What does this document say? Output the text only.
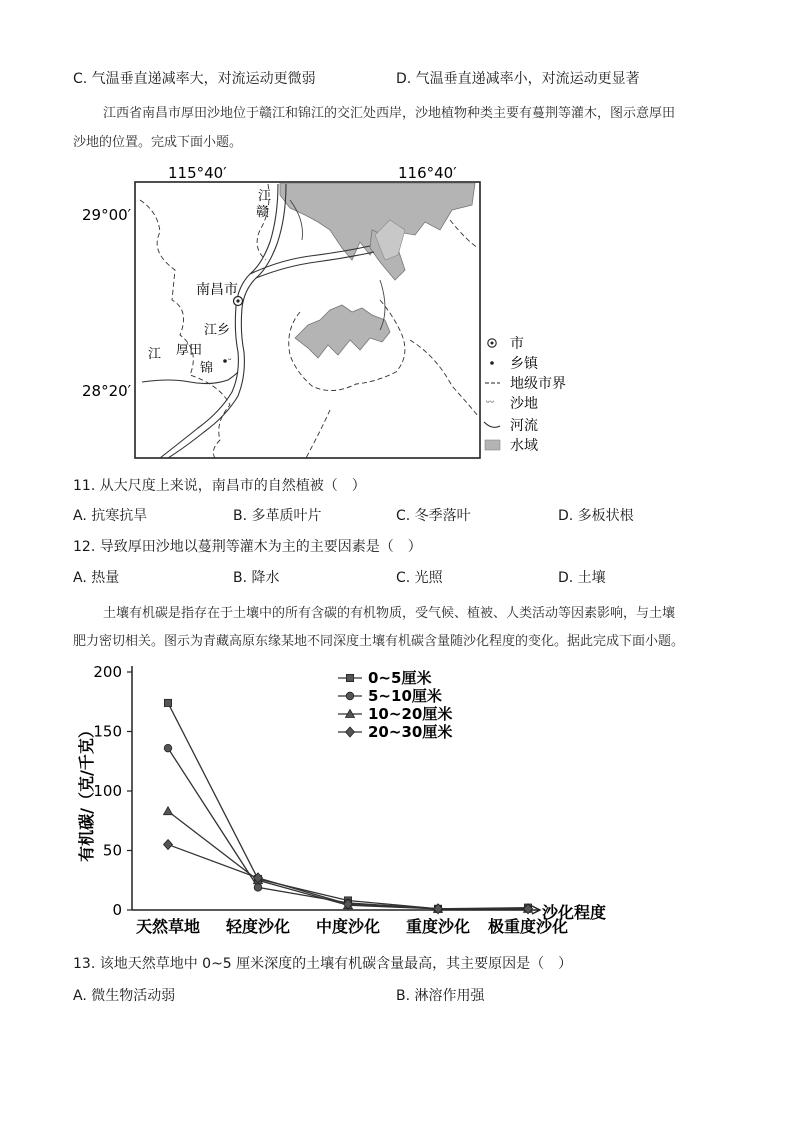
C. 气温垂直递减率大，对流运动更微弱	D. 气温垂直递减率小，对流运动更显著
江西省南昌市厚田沙地位于赣江和锦江的交汇处西岸，沙地植物种类主要有蔓荆等灌木，图示意厚田
沙地的位置。完成下面小题。
115°40′	116°40′
29°00′
28°20′
南昌市
ᵕ
厚田
赣
江
江乡
江
锦
市
乡镇
地级市界
ᵕᵕ 沙地
河流
水域
11. 从大尺度上来说，南昌市的自然植被（　）
A. 抗寒抗旱	B. 多革质叶片	C. 冬季落叶	D. 多板状根
12. 导致厚田沙地以蔓荆等灌木为主的主要因素是（　）
A. 热量	B. 降水	C. 光照	D. 土壤
土壤有机碳是指存在于土壤中的所有含碳的有机物质，受气候、植被、人类活动等因素影响，与土壤
肥力密切相关。图示为青藏高原东缘某地不同深度土壤有机碳含量随沙化程度的变化。据此完成下面小题。
有机碳/（克/千克）
沙化程度
0
50
100
150
200
天然草地 轻度沙化 中度沙化 重度沙化 极重度沙化
0~5厘米
5~10厘米
10~20厘米
20~30厘米
13. 该地天然草地中 0~5 厘米深度的土壤有机碳含量最高，其主要原因是（　）
A. 微生物活动弱	B. 淋溶作用强
